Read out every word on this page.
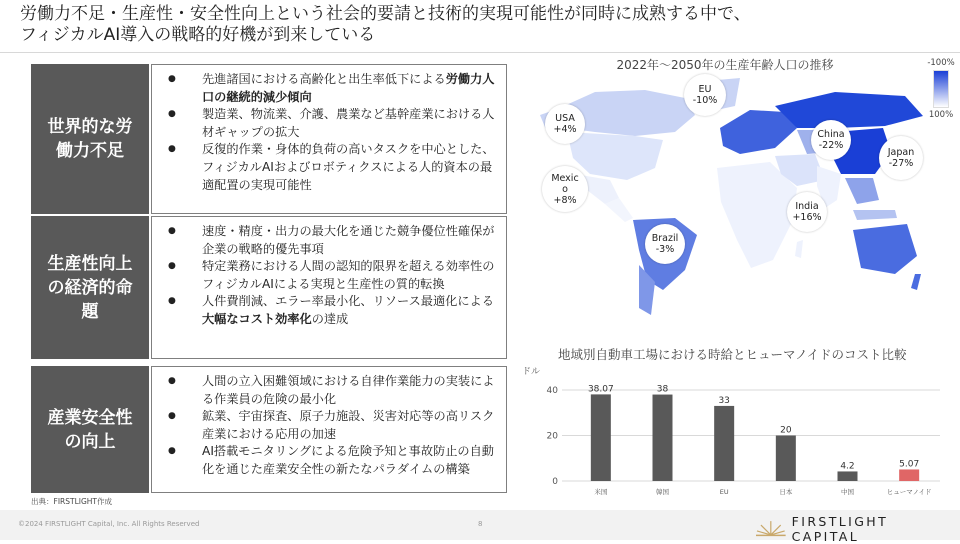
労働力不足・生産性・安全性向上という社会的要請と技術的実現可能性が同時に成熟する中で、
フィジカルAI導入の戦略的好機が到来している
世界的な労働力不足
● 先進諸国における高齢化と出生率低下による労働力人口の継続的減少傾向
● 製造業、物流業、介護、農業など基幹産業における人材ギャップの拡大
● 反復的作業・身体的負荷の高いタスクを中心とした、フィジカルAIおよびロボティクスによる人的資本の最適配置の実現可能性
生産性向上の経済的命題
● 速度・精度・出力の最大化を通じた競争優位性確保が企業の戦略的優先事項
● 特定業務における人間の認知的限界を超える効率性のフィジカルAIによる実現と生産性の質的転換
● 人件費削減、エラー率最小化、リソース最適化による大幅なコスト効率化の達成
産業安全性の向上
● 人間の立入困難領域における自律作業能力の実装による作業員の危険の最小化
● 鉱業、宇宙探査、原子力施設、災害対応等の高リスク産業における応用の加速
● AI搭載モニタリングによる危険予知と事故防止の自動化を通じた産業安全性の新たなパラダイムの構築
出典：FIRSTLIGHT作成
2022年～2050年の生産年齢人口の推移	-100%
100%
USA
+4%
EU
-10%
Mexico
+8%
China
-22%
Japan
-27%
India
+16%
Brazil
-3%
地域別自動車工場における時給とヒューマノイドのコスト比較
ドル
0
20
40	38.07
米国
38
韓国
33
EU
20
日本
4.2
中国
5.07
ヒューマノイド
©2024 FIRSTLIGHT Capital, Inc. All Rights Reserved	8	FIRSTLIGHT CAPITAL
